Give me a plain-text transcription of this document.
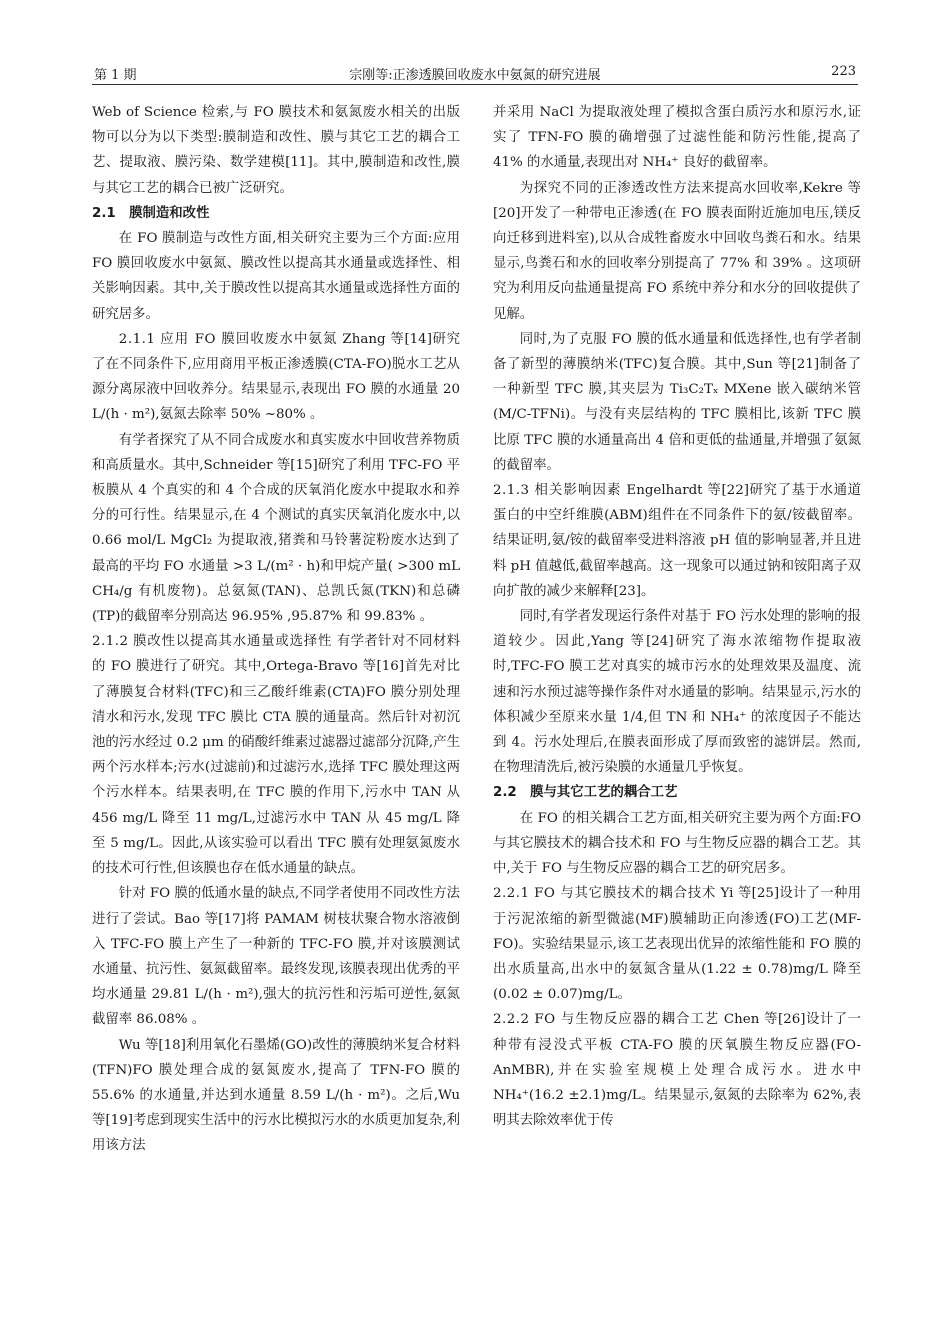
第 1 期	宗刚等:正渗透膜回收废水中氨氮的研究进展	223

Web of Science 检索,与 FO 膜技术和氨氮废水相关的出版物可以分为以下类型:膜制造和改性、膜与其它工艺的耦合工艺、提取液、膜污染、数学建模[11]。其中,膜制造和改性,膜与其它工艺的耦合已被广泛研究。

2.1　膜制造和改性

在 FO 膜制造与改性方面,相关研究主要为三个方面:应用 FO 膜回收废水中氨氮、膜改性以提高其水通量或选择性、相关影响因素。其中,关于膜改性以提高其水通量或选择性方面的研究居多。

2.1.1 应用 FO 膜回收废水中氨氮 Zhang 等[14]研究了在不同条件下,应用商用平板正渗透膜(CTA-FO)脱水工艺从源分离尿液中回收养分。结果显示,表现出 FO 膜的水通量 20 L/(h · m²),氨氮去除率 50% ~80% 。

有学者探究了从不同合成废水和真实废水中回收营养物质和高质量水。其中,Schneider 等[15]研究了利用 TFC-FO 平板膜从 4 个真实的和 4 个合成的厌氧消化废水中提取水和养分的可行性。结果显示,在 4 个测试的真实厌氧消化废水中,以 0.66 mol/L MgCl₂ 为提取液,猪粪和马铃薯淀粉废水达到了最高的平均 FO 水通量 >3 L/(m² · h)和甲烷产量( >300 mL CH₄/g 有机废物)。总氨氮(TAN)、总凯氏氮(TKN)和总磷(TP)的截留率分别高达 96.95% ,95.87% 和 99.83% 。

2.1.2 膜改性以提高其水通量或选择性 有学者针对不同材料的 FO 膜进行了研究。其中,Ortega-Bravo 等[16]首先对比了薄膜复合材料(TFC)和三乙酸纤维素(CTA)FO 膜分别处理清水和污水,发现 TFC 膜比 CTA 膜的通量高。然后针对初沉池的污水经过 0.2 μm 的硝酸纤维素过滤器过滤部分沉降,产生两个污水样本;污水(过滤前)和过滤污水,选择 TFC 膜处理这两个污水样本。结果表明,在 TFC 膜的作用下,污水中 TAN 从 456 mg/L 降至 11 mg/L,过滤污水中 TAN 从 45 mg/L 降至 5 mg/L。因此,从该实验可以看出 TFC 膜有处理氨氮废水的技术可行性,但该膜也存在低水通量的缺点。

针对 FO 膜的低通水量的缺点,不同学者使用不同改性方法进行了尝试。Bao 等[17]将 PAMAM 树枝状聚合物水溶液倒入 TFC-FO 膜上产生了一种新的 TFC-FO 膜,并对该膜测试水通量、抗污性、氨氮截留率。最终发现,该膜表现出优秀的平均水通量 29.81 L/(h · m²),强大的抗污性和污垢可逆性,氨氮截留率 86.08% 。

Wu 等[18]利用氧化石墨烯(GO)改性的薄膜纳米复合材料(TFN)FO 膜处理合成的氨氮废水,提高了 TFN-FO 膜的 55.6% 的水通量,并达到水通量 8.59 L/(h · m²)。之后,Wu 等[19]考虑到现实生活中的污水比模拟污水的水质更加复杂,利用该方法

并采用 NaCl 为提取液处理了模拟含蛋白质污水和原污水,证实了 TFN-FO 膜的确增强了过滤性能和防污性能,提高了 41% 的水通量,表现出对 NH₄⁺ 良好的截留率。

为探究不同的正渗透改性方法来提高水回收率,Kekre 等[20]开发了一种带电正渗透(在 FO 膜表面附近施加电压,镁反向迁移到进料室),以从合成牲畜废水中回收鸟粪石和水。结果显示,鸟粪石和水的回收率分别提高了 77% 和 39% 。这项研究为利用反向盐通量提高 FO 系统中养分和水分的回收提供了见解。

同时,为了克服 FO 膜的低水通量和低选择性,也有学者制备了新型的薄膜纳米(TFC)复合膜。其中,Sun 等[21]制备了一种新型 TFC 膜,其夹层为 Ti₃C₂Tₓ MXene 嵌入碳纳米管(M/C-TFNi)。与没有夹层结构的 TFC 膜相比,该新 TFC 膜比原 TFC 膜的水通量高出 4 倍和更低的盐通量,并增强了氨氮的截留率。

2.1.3 相关影响因素 Engelhardt 等[22]研究了基于水通道蛋白的中空纤维膜(ABM)组件在不同条件下的氨/铵截留率。结果证明,氨/铵的截留率受进料溶液 pH 值的影响显著,并且进料 pH 值越低,截留率越高。这一现象可以通过钠和铵阳离子双向扩散的减少来解释[23]。

同时,有学者发现运行条件对基于 FO 污水处理的影响的报道较少。因此,Yang 等[24]研究了海水浓缩物作提取液时,TFC-FO 膜工艺对真实的城市污水的处理效果及温度、流速和污水预过滤等操作条件对水通量的影响。结果显示,污水的体积减少至原来水量 1/4,但 TN 和 NH₄⁺ 的浓度因子不能达到 4。污水处理后,在膜表面形成了厚而致密的滤饼层。然而,在物理清洗后,被污染膜的水通量几乎恢复。

2.2　膜与其它工艺的耦合工艺

在 FO 的相关耦合工艺方面,相关研究主要为两个方面:FO 与其它膜技术的耦合技术和 FO 与生物反应器的耦合工艺。其中,关于 FO 与生物反应器的耦合工艺的研究居多。

2.2.1 FO 与其它膜技术的耦合技术 Yi 等[25]设计了一种用于污泥浓缩的新型微滤(MF)膜辅助正向渗透(FO)工艺(MF-FO)。实验结果显示,该工艺表现出优异的浓缩性能和 FO 膜的出水质量高,出水中的氨氮含量从(1.22 ± 0.78)mg/L 降至(0.02 ± 0.07)mg/L。

2.2.2 FO 与生物反应器的耦合工艺 Chen 等[26]设计了一种带有浸没式平板 CTA-FO 膜的厌氧膜生物反应器(FO-AnMBR),并在实验室规模上处理合成污水。进水中 NH₄⁺(16.2 ±2.1)mg/L。结果显示,氨氮的去除率为 62%,表明其去除效率优于传
